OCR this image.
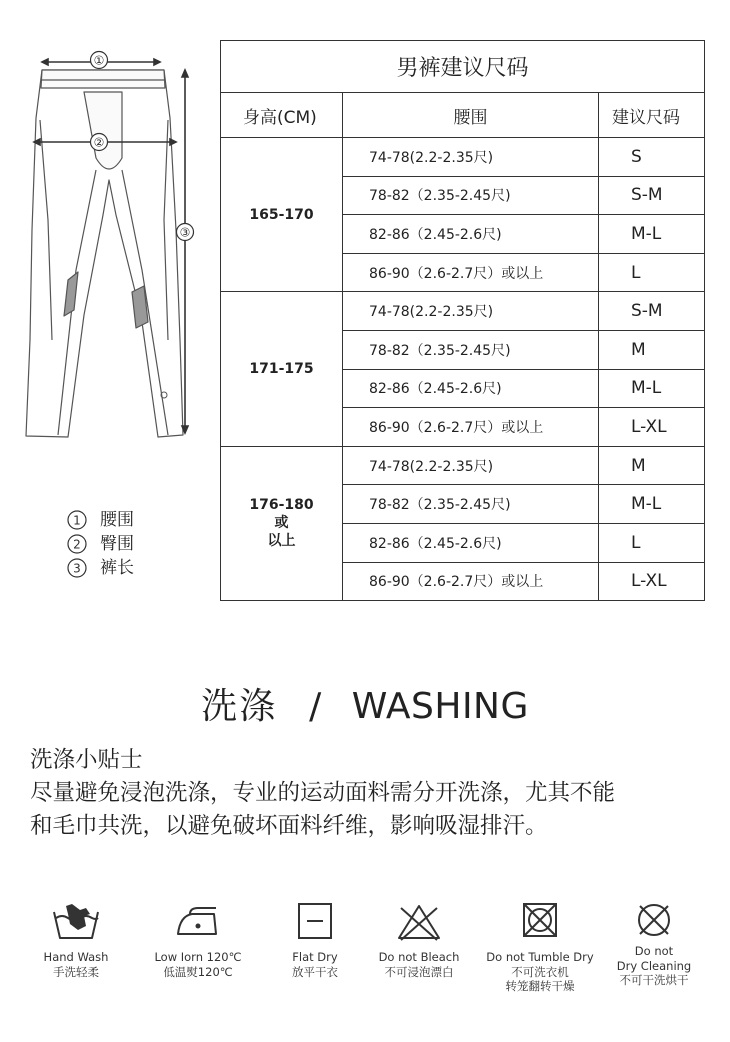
①
②
③
1 腰围
2 臀围
3 裤长
男裤建议尺码		
身高(CM)	腰围	建议尺码

165-170	74-78(2.2-2.35尺)	S
	78-82（2.35-2.45尺)	S-M
	82-86（2.45-2.6尺)	M-L
	86-90（2.6-2.7尺）或以上	L

171-175	74-78(2.2-2.35尺)	S-M
	78-82（2.35-2.45尺)	M
	82-86（2.45-2.6尺)	M-L
	86-90（2.6-2.7尺）或以上	L-XL

176-180
或
以上	74-78(2.2-2.35尺)	M
	78-82（2.35-2.45尺)	M-L
	82-86（2.45-2.6尺)	L
	86-90（2.6-2.7尺）或以上	L-XL
洗涤 / WASHING
洗涤小贴士
尽量避免浸泡洗涤，专业的运动面料需分开洗涤，尤其不能
和毛巾共洗，以避免破坏面料纤维，影响吸湿排汗。
Hand Wash
手洗轻柔
Low Iorn 120℃
低温熨120℃
Flat Dry
放平干衣
Do not Bleach
不可浸泡漂白
Do not Tumble Dry
不可洗衣机
转笼翻转干燥
Do not
Dry Cleaning
不可干洗烘干
